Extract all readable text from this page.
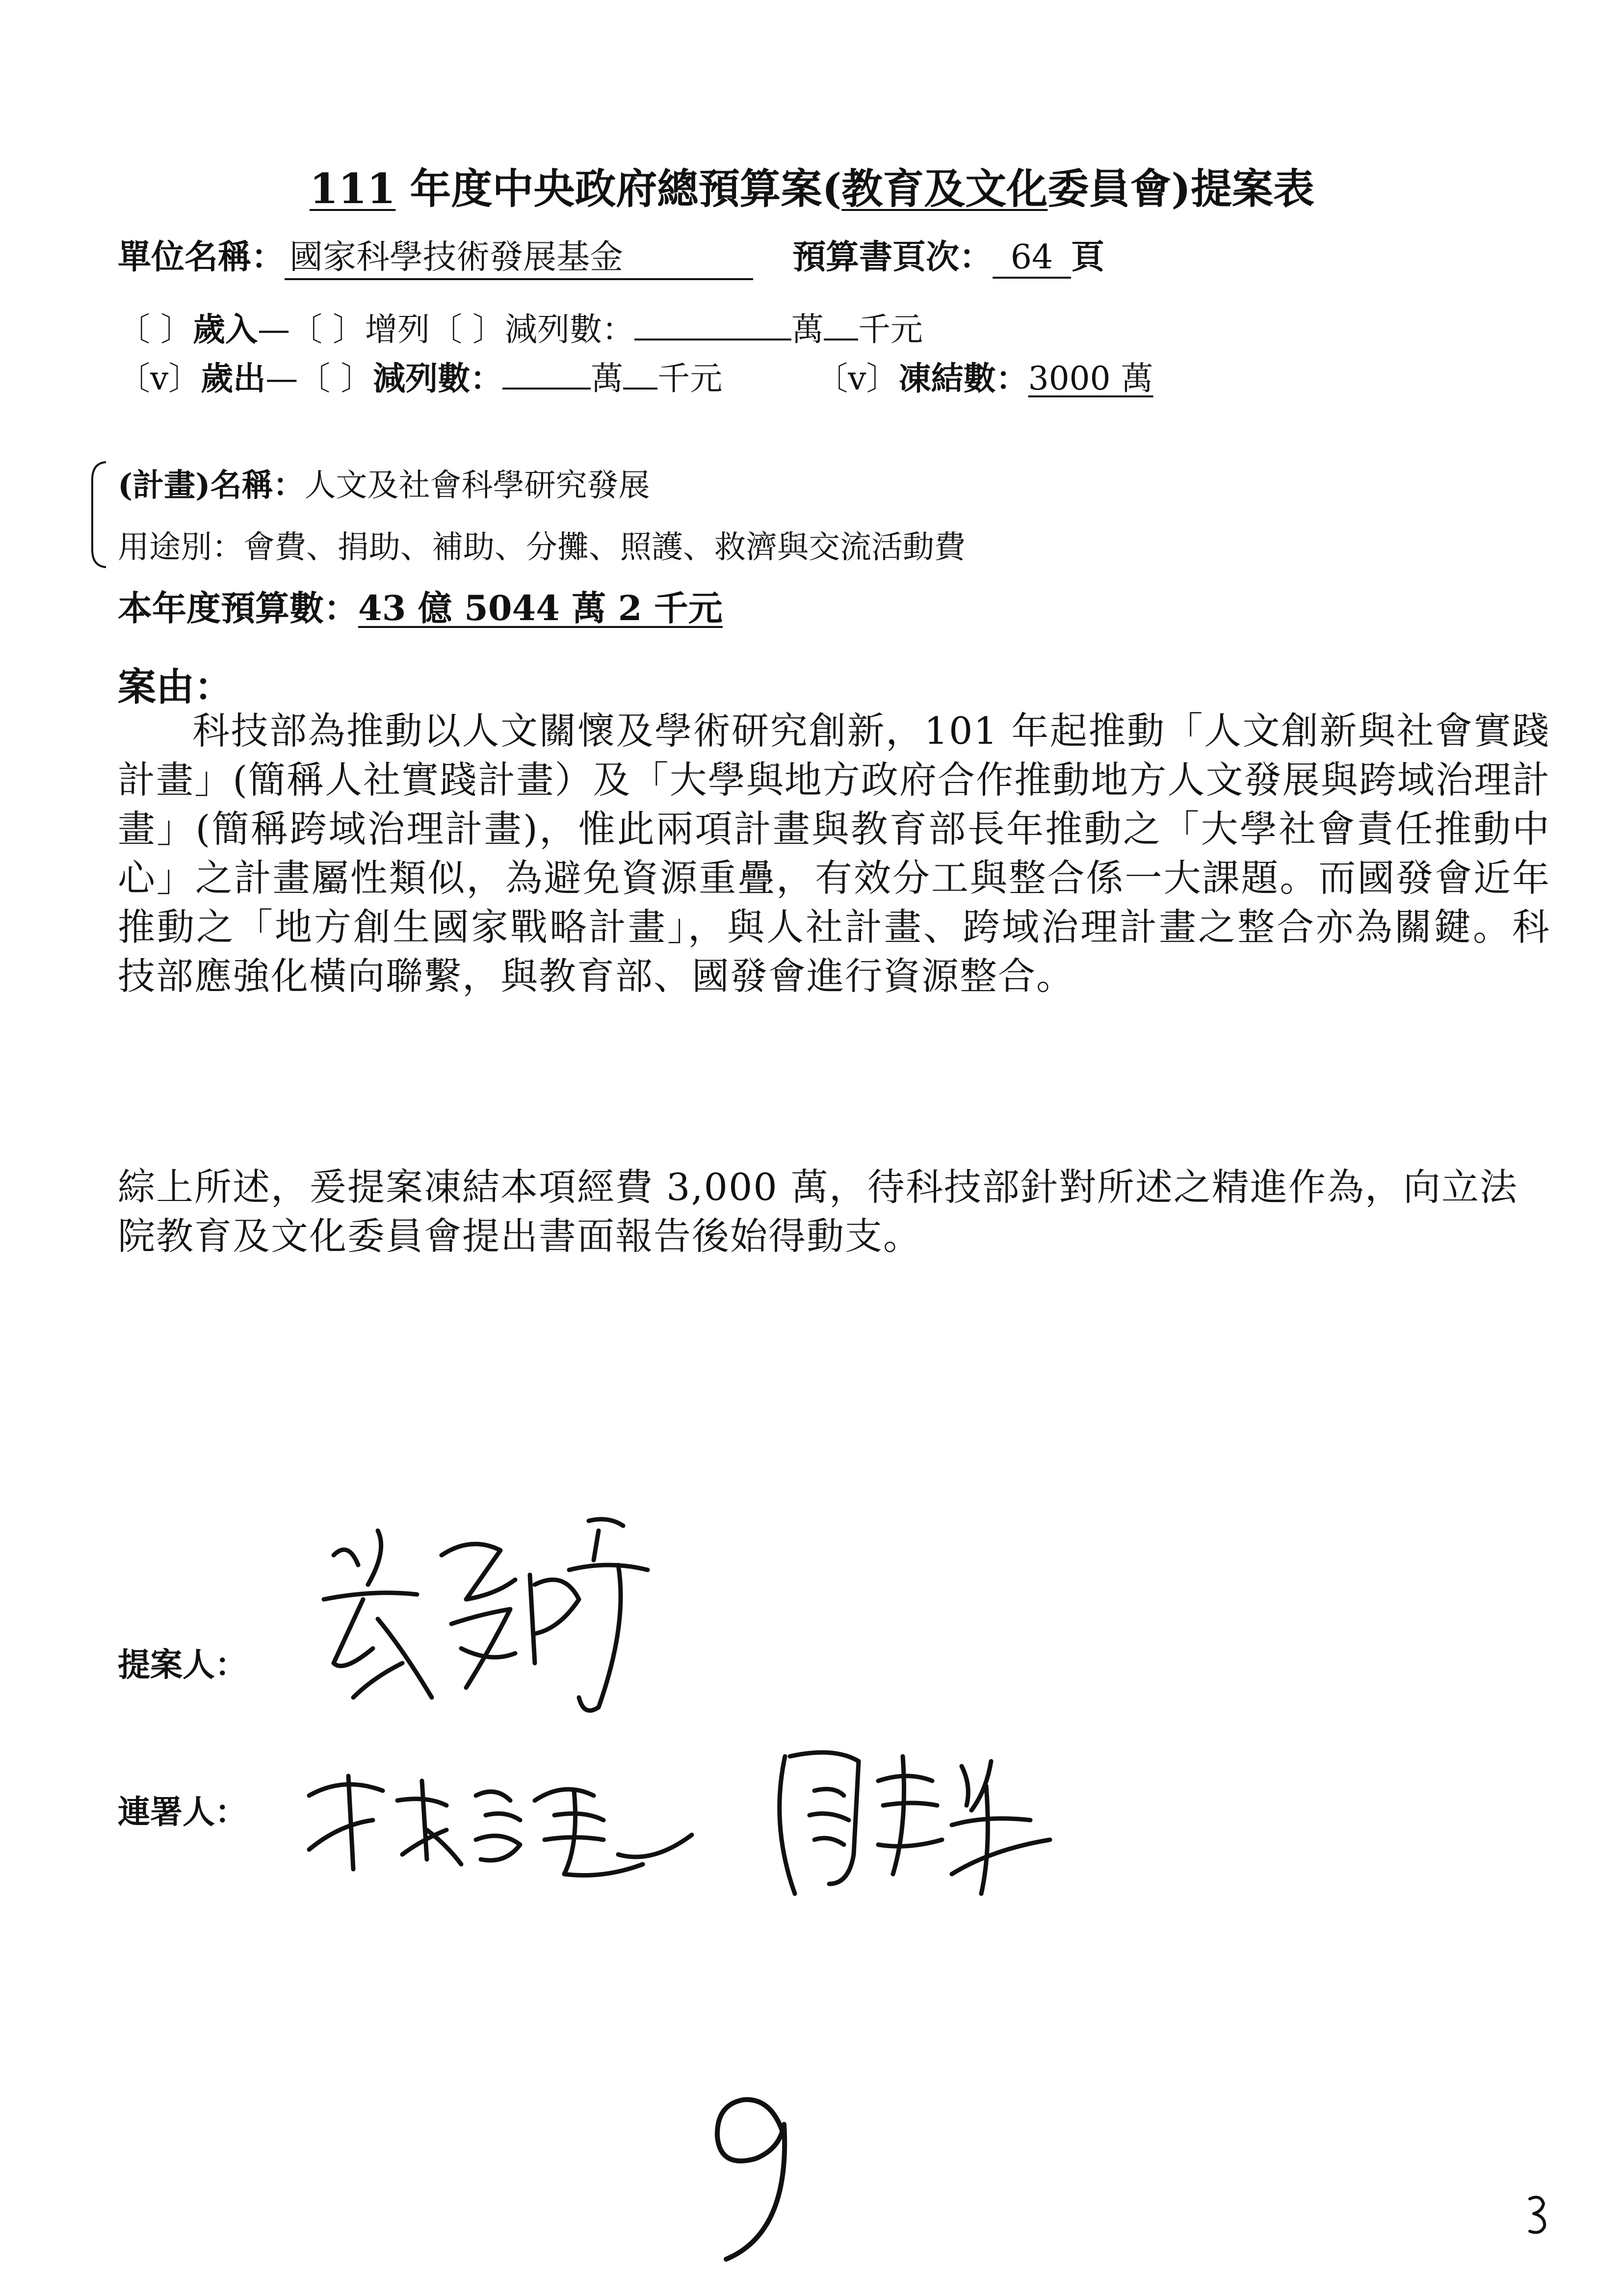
111 年度中央政府總預算案(教育及文化委員會)提案表
單位名稱： 國家科學技術發展基金	預算書頁次： 64 頁
〔 〕歲入—〔 〕增列〔 〕減列數：	萬 千元
〔v〕歲出—〔 〕減列數：	萬 千元	〔v〕凍結數：3000 萬
(計畫)名稱：人文及社會科學研究發展
用途別：會費、捐助、補助、分攤、照護、救濟與交流活動費
本年度預算數：43 億 5044 萬 2 千元
案由：

科技部為推動以人文關懷及學術研究創新，101 年起推動「人文創新與社會實踐計畫」(簡稱人社實踐計畫）及「大學與地方政府合作推動地方人文發展與跨域治理計畫」(簡稱跨域治理計畫)，惟此兩項計畫與教育部長年推動之「大學社會責任推動中心」之計畫屬性類似，為避免資源重疊，有效分工與整合係一大課題。而國發會近年推動之「地方創生國家戰略計畫」，與人社計畫、跨域治理計畫之整合亦為關鍵。科技部應強化橫向聯繫，與教育部、國發會進行資源整合。

綜上所述，爰提案凍結本項經費 3,000 萬，待科技部針對所述之精進作為，向立法院教育及文化委員會提出書面報告後始得動支。

提案人：
連署人：
